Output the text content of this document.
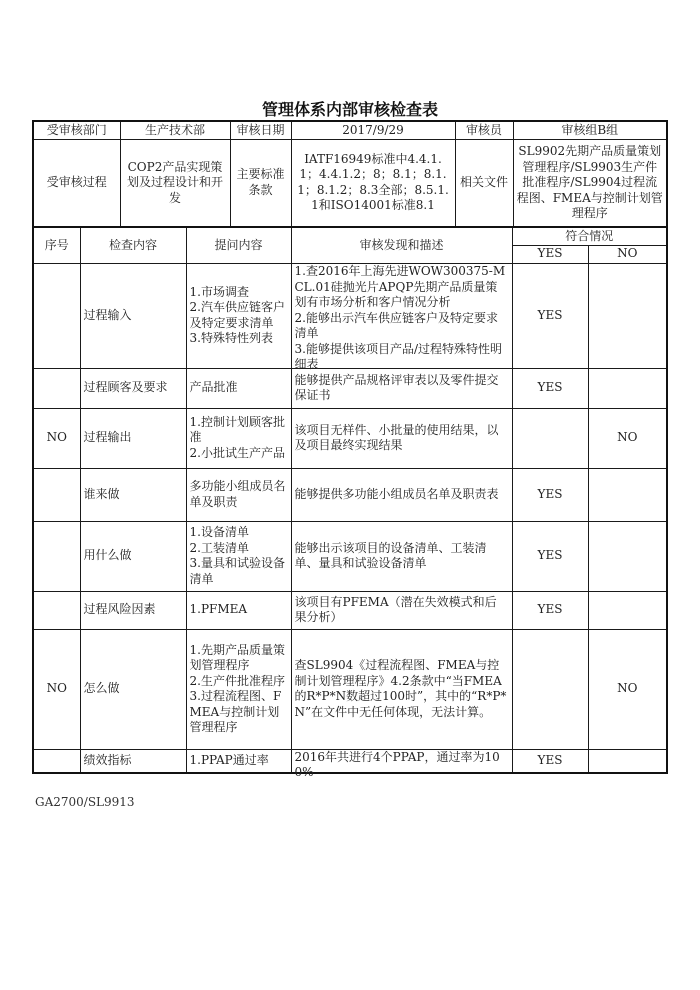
管理体系内部审核检查表
受审核部门	生产技术部	审核日期	2017/9/29	审核员	审核组B组
受审核过程	COP2产品实现策划及过程设计和开发	主要标准条款	IATF16949标准中4.4.1.1；4.4.1.2；8；8.1；8.1.1；8.1.2；8.3全部；8.5.1.1和ISO14001标准8.1	相关文件	SL9902先期产品质量策划管理程序/SL9903生产件批准程序/SL9904过程流程图、FMEA与控制计划管理程序
序号	检查内容	提问内容	审核发现和描述	符合情况	
				YES	NO

	过程输入	1.市场调查
2.汽车供应链客户及特定要求清单
3.特殊特性列表	1.查2016年上海先进WOW300375-MCL.01硅抛光片APQP先期产品质量策划有市场分析和客户情况分析
2.能够出示汽车供应链客户及特定要求清单
3.能够提供该项目产品/过程特殊特性明细表	YES	

	过程顾客及要求	产品批准	能够提供产品规格评审表以及零件提交保证书	YES	

NO	过程输出	1.控制计划顾客批准
2.小批试生产产品	该项目无样件、小批量的使用结果，以及项目最终实现结果		NO

	谁来做	多功能小组成员名单及职责	能够提供多功能小组成员名单及职责表	YES	

	用什么做	1.设备清单
2.工装清单
3.量具和试验设备清单	能够出示该项目的设备清单、工装清单、量具和试验设备清单	YES	

	过程风险因素	1.PFMEA	该项目有PFEMA（潜在失效模式和后果分析）	YES	

NO	怎么做	1.先期产品质量策划管理程序
2.生产件批准程序
3.过程流程图、FMEA与控制计划管理程序	查SL9904《过程流程图、FMEA与控制计划管理程序》4.2条款中“当FMEA的R*P*N数超过100时”，其中的“R*P*N”在文件中无任何体现，无法计算。		NO

	绩效指标	1.PPAP通过率	2016年共进行4个PPAP，通过率为100%	YES	

GA2700/SL9913
